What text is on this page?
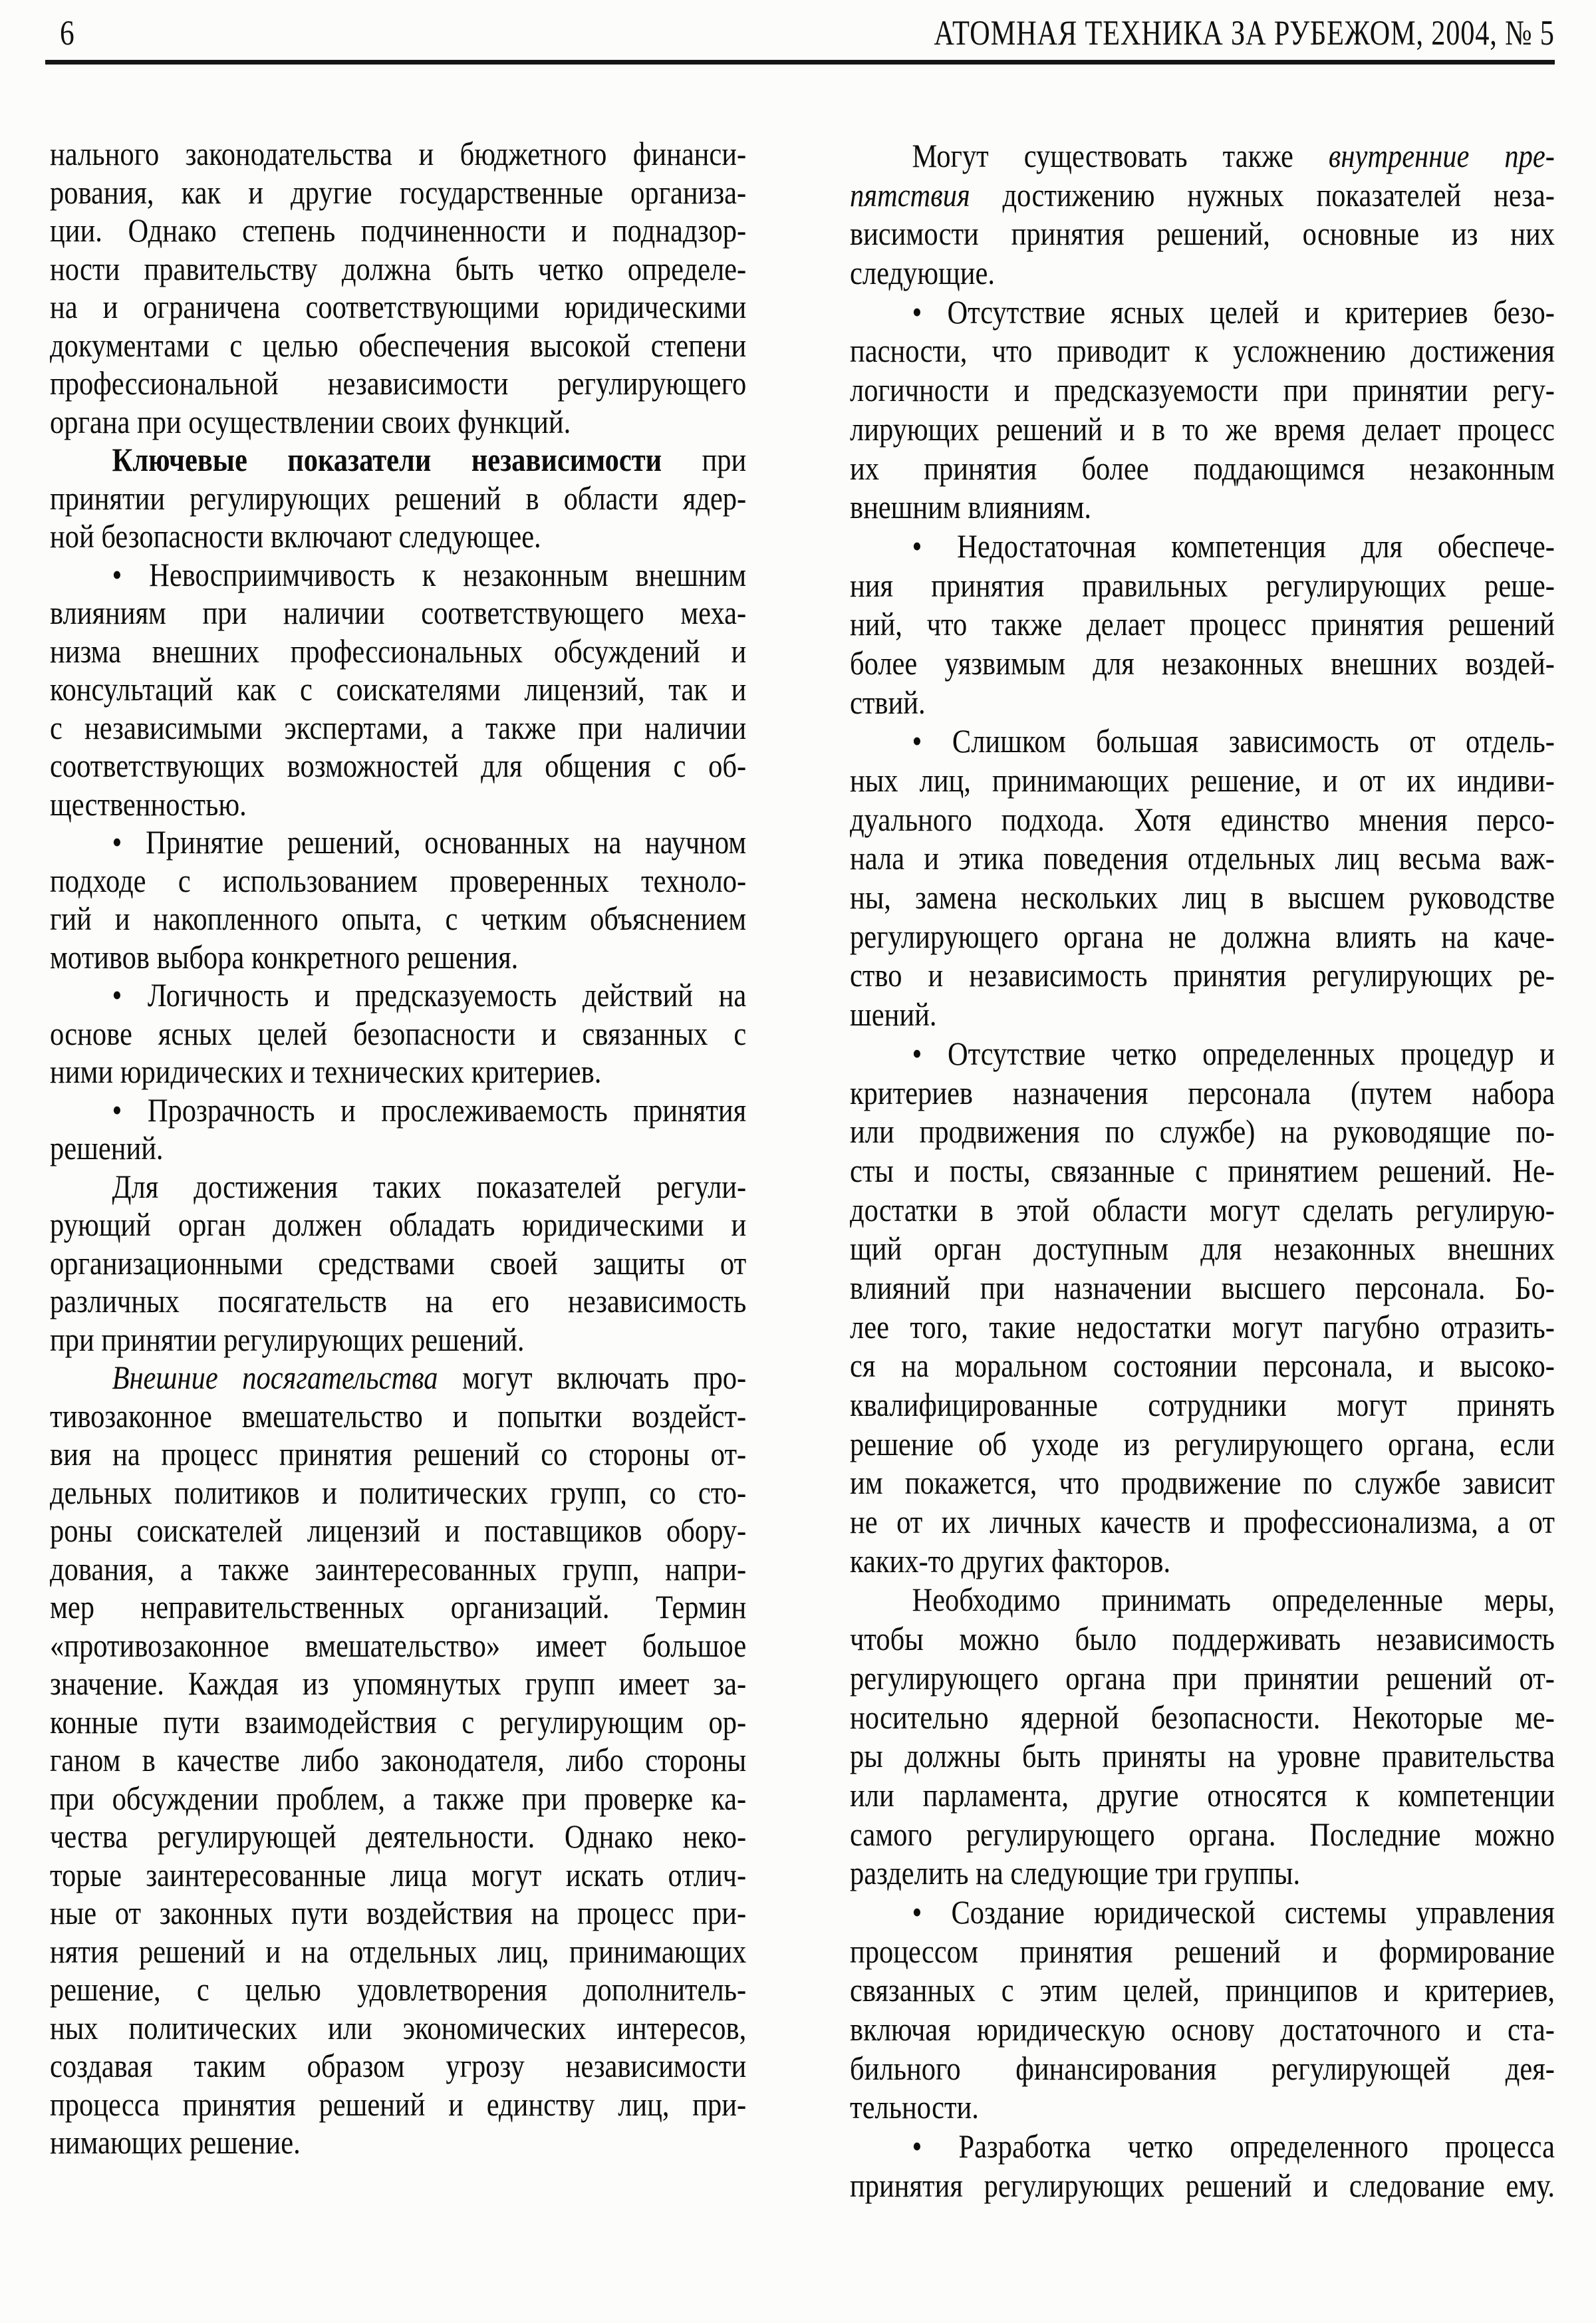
6	АТОМНАЯ ТЕХНИКА ЗА РУБЕЖОМ, 2004, № 5
нального законодательства и бюджетного финанси-
рования, как и другие государственные организа-
ции. Однако степень подчиненности и поднадзор-
ности правительству должна быть четко определе-
на и ограничена соответствующими юридическими
документами с целью обеспечения высокой степени
профессиональной независимости регулирующего
органа при осуществлении своих функций.
Ключевые показатели независимости при
принятии регулирующих решений в области ядер-
ной безопасности включают следующее.
• Невосприимчивость к незаконным внешним
влияниям при наличии соответствующего меха-
низма внешних профессиональных обсуждений и
консультаций как с соискателями лицензий, так и
с независимыми экспертами, а также при наличии
соответствующих возможностей для общения с об-
щественностью.
• Принятие решений, основанных на научном
подходе с использованием проверенных техноло-
гий и накопленного опыта, с четким объяснением
мотивов выбора конкретного решения.
• Логичность и предсказуемость действий на
основе ясных целей безопасности и связанных с
ними юридических и технических критериев.
• Прозрачность и прослеживаемость принятия
решений.
Для достижения таких показателей регули-
рующий орган должен обладать юридическими и
организационными средствами своей защиты от
различных посягательств на его независимость
при принятии регулирующих решений.
Внешние посягательства могут включать про-
тивозаконное вмешательство и попытки воздейст-
вия на процесс принятия решений со стороны от-
дельных политиков и политических групп, со сто-
роны соискателей лицензий и поставщиков обору-
дования, а также заинтересованных групп, напри-
мер неправительственных организаций. Термин
«противозаконное вмешательство» имеет большое
значение. Каждая из упомянутых групп имеет за-
конные пути взаимодействия с регулирующим ор-
ганом в качестве либо законодателя, либо стороны
при обсуждении проблем, а также при проверке ка-
чества регулирующей деятельности. Однако неко-
торые заинтересованные лица могут искать отлич-
ные от законных пути воздействия на процесс при-
нятия решений и на отдельных лиц, принимающих
решение, с целью удовлетворения дополнитель-
ных политических или экономических интересов,
создавая таким образом угрозу независимости
процесса принятия решений и единству лиц, при-
нимающих решение.
Могут существовать также внутренние пре-
пятствия достижению нужных показателей неза-
висимости принятия решений, основные из них
следующие.
• Отсутствие ясных целей и критериев безо-
пасности, что приводит к усложнению достижения
логичности и предсказуемости при принятии регу-
лирующих решений и в то же время делает процесс
их принятия более поддающимся незаконным
внешним влияниям.
• Недостаточная компетенция для обеспече-
ния принятия правильных регулирующих реше-
ний, что также делает процесс принятия решений
более уязвимым для незаконных внешних воздей-
ствий.
• Слишком большая зависимость от отдель-
ных лиц, принимающих решение, и от их индиви-
дуального подхода. Хотя единство мнения персо-
нала и этика поведения отдельных лиц весьма важ-
ны, замена нескольких лиц в высшем руководстве
регулирующего органа не должна влиять на каче-
ство и независимость принятия регулирующих ре-
шений.
• Отсутствие четко определенных процедур и
критериев назначения персонала (путем набора
или продвижения по службе) на руководящие по-
сты и посты, связанные с принятием решений. Не-
достатки в этой области могут сделать регулирую-
щий орган доступным для незаконных внешних
влияний при назначении высшего персонала. Бо-
лее того, такие недостатки могут пагубно отразить-
ся на моральном состоянии персонала, и высоко-
квалифицированные сотрудники могут принять
решение об уходе из регулирующего органа, если
им покажется, что продвижение по службе зависит
не от их личных качеств и профессионализма, а от
каких-то других факторов.
Необходимо принимать определенные меры,
чтобы можно было поддерживать независимость
регулирующего органа при принятии решений от-
носительно ядерной безопасности. Некоторые ме-
ры должны быть приняты на уровне правительства
или парламента, другие относятся к компетенции
самого регулирующего органа. Последние можно
разделить на следующие три группы.
• Создание юридической системы управления
процессом принятия решений и формирование
связанных с этим целей, принципов и критериев,
включая юридическую основу достаточного и ста-
бильного финансирования регулирующей дея-
тельности.
• Разработка четко определенного процесса
принятия регулирующих решений и следование ему.
